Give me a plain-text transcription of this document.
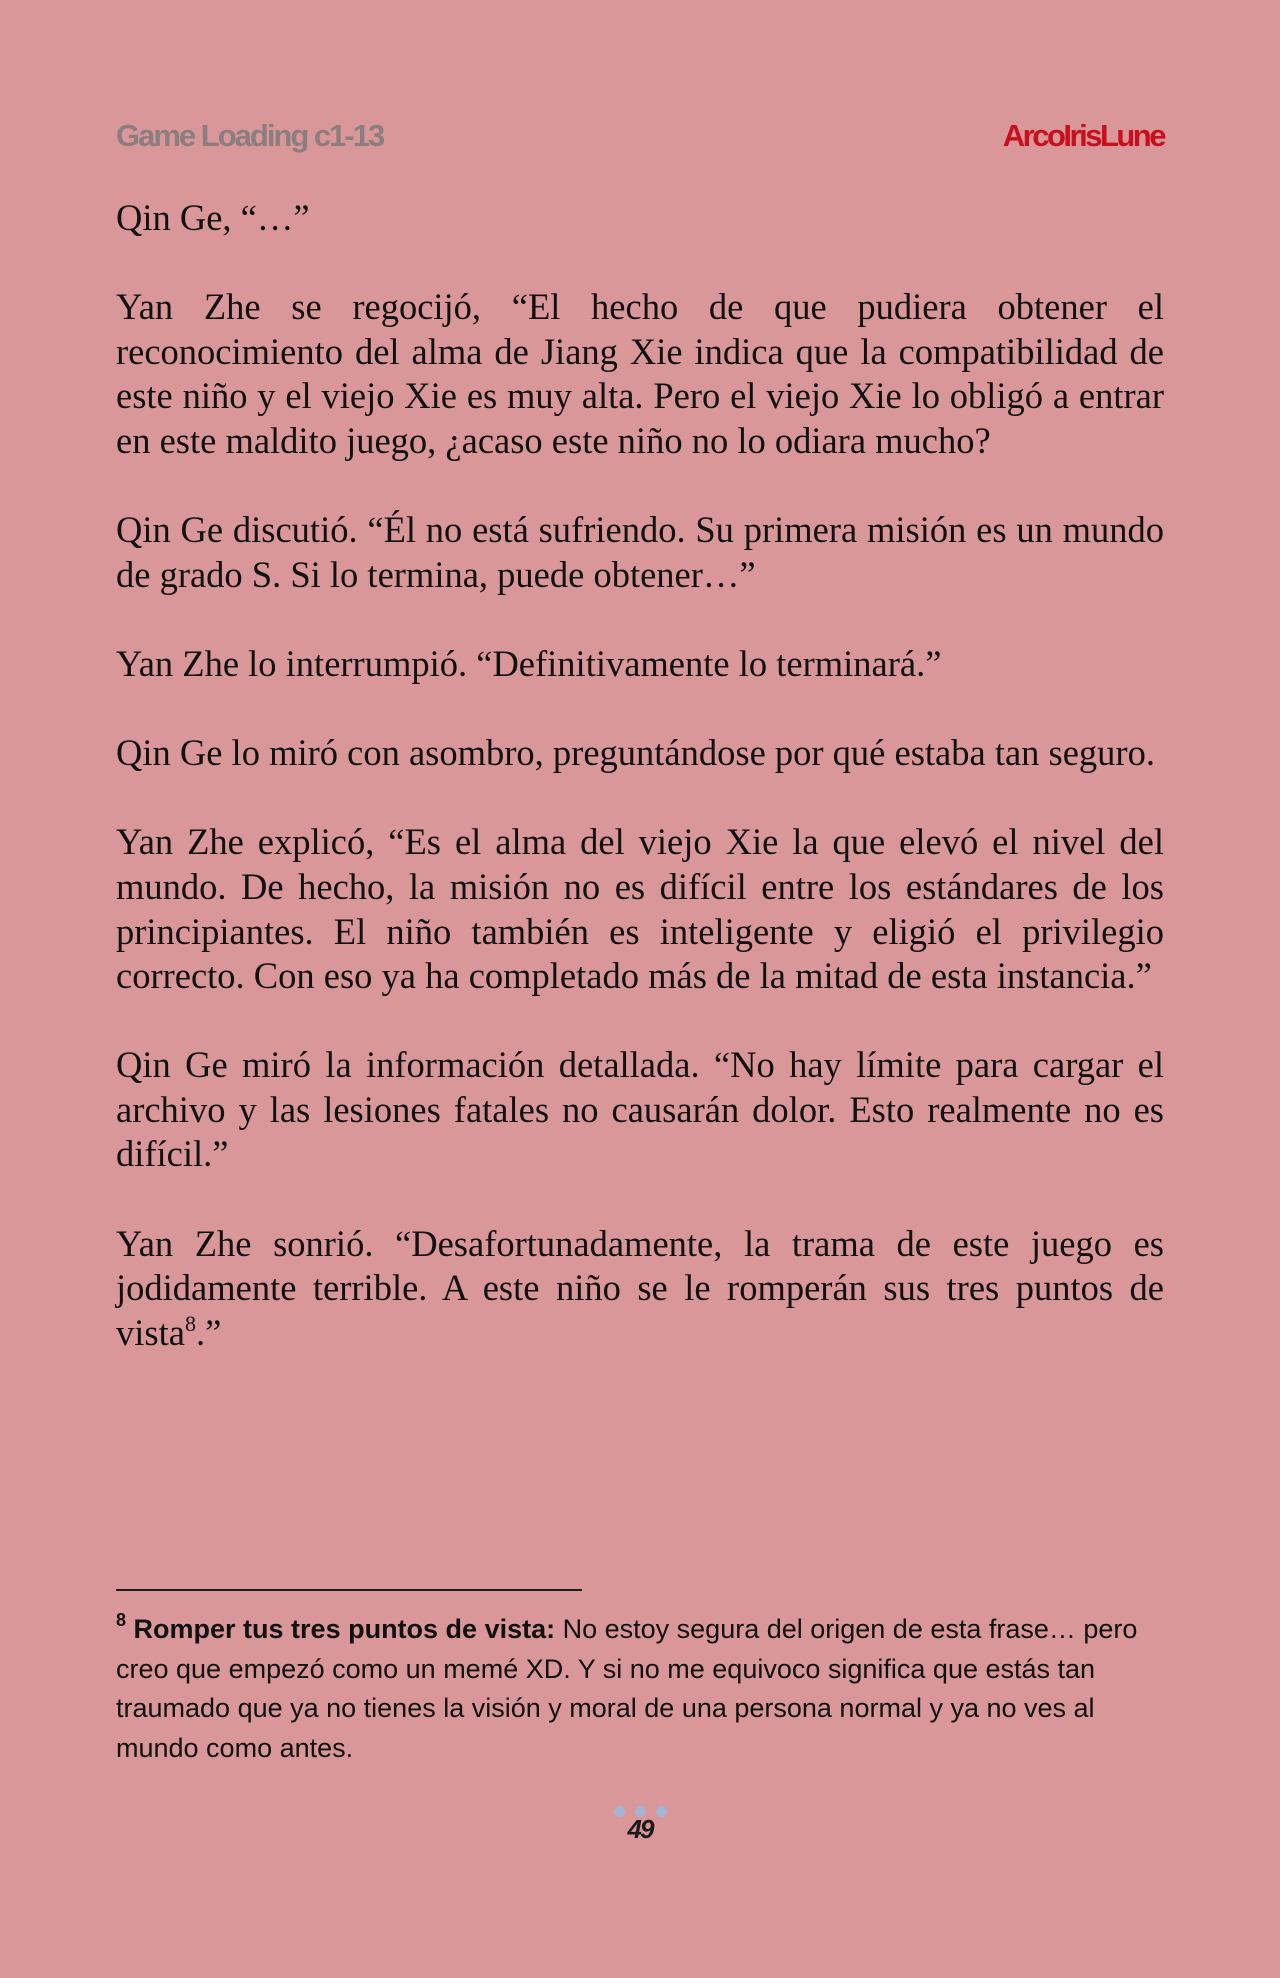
Game Loading c1-13	ArcoIrisLune

Qin Ge, “…”

Yan Zhe se regocijó, “El hecho de que pudiera obtener el reconocimiento del alma de Jiang Xie indica que la compatibilidad de este niño y el viejo Xie es muy alta. Pero el viejo Xie lo obligó a entrar en este maldito juego, ¿acaso este niño no lo odiara mucho?

Qin Ge discutió. “Él no está sufriendo. Su primera misión es un mundo de grado S. Si lo termina, puede obtener…”

Yan Zhe lo interrumpió. “Definitivamente lo terminará.”

Qin Ge lo miró con asombro, preguntándose por qué estaba tan seguro.

Yan Zhe explicó, “Es el alma del viejo Xie la que elevó el nivel del mundo. De hecho, la misión no es difícil entre los estándares de los principiantes. El niño también es inteligente y eligió el privilegio correcto. Con eso ya ha completado más de la mitad de esta instancia.”

Qin Ge miró la información detallada. “No hay límite para cargar el archivo y las lesiones fatales no causarán dolor. Esto realmente no es difícil.”

Yan Zhe sonrió. “Desafortunadamente, la trama de este juego es jodidamente terrible. A este niño se le romperán sus tres puntos de vista$^8$.”

$^8$ Romper tus tres puntos de vista: No estoy segura del origen de esta frase… pero creo que empezó como un memé XD. Y si no me equivoco significa que estás tan traumado que ya no tienes la visión y moral de una persona normal y ya no ves al mundo como antes.
49
